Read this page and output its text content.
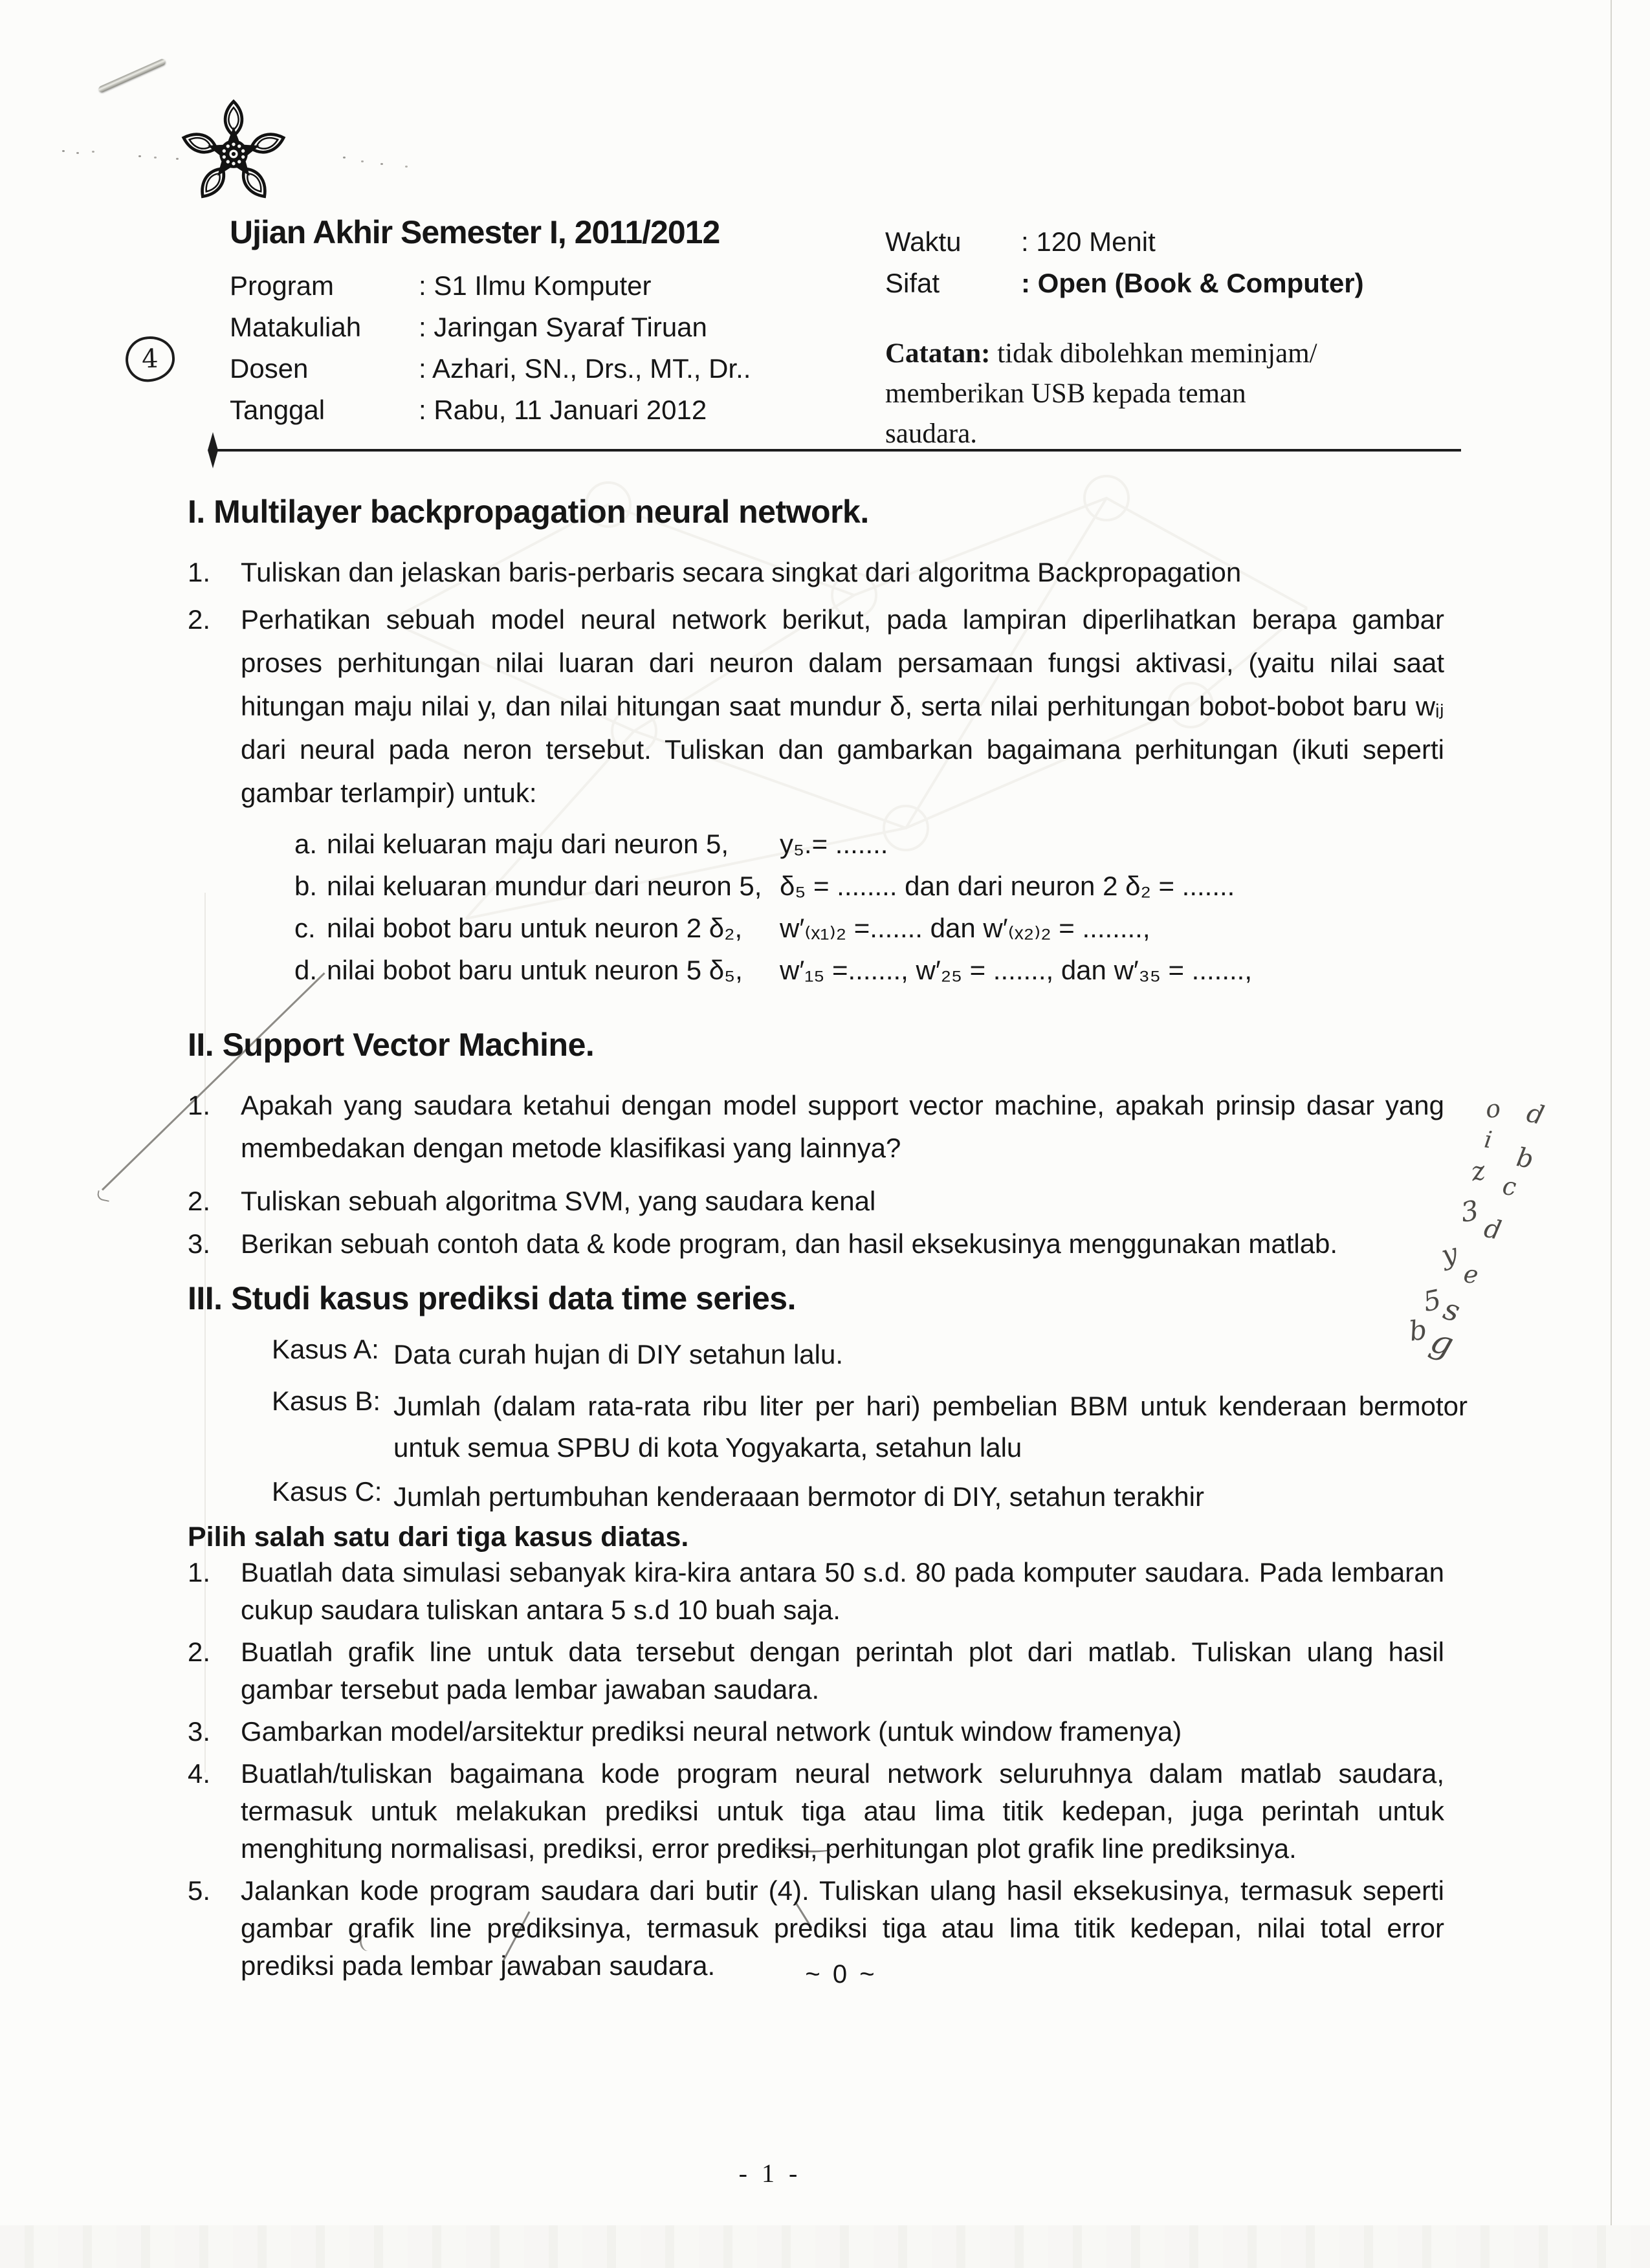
4
Ujian Akhir Semester I, 2011/2012
Program	: S1 Ilmu Komputer
Matakuliah	: Jaringan Syaraf Tiruan
Dosen	: Azhari, SN., Drs., MT., Dr..
Tanggal	: Rabu, 11 Januari 2012
Waktu	: 120 Menit
Sifat	: Open (Book & Computer)

Catatan: tidak dibolehkan meminjam/ memberikan USB kepada teman saudara.

I. Multilayer backpropagation neural network.
1.	Tuliskan dan jelaskan baris-perbaris secara singkat dari algoritma Backpropagation
2.	Perhatikan sebuah model neural network berikut, pada lampiran diperlihatkan berapa gambar proses perhitungan nilai luaran dari neuron dalam persamaan fungsi aktivasi, (yaitu nilai saat hitungan maju nilai y, dan nilai hitungan saat mundur δ, serta nilai perhitungan bobot-bobot baru wᵢⱼ dari neural pada neron tersebut. Tuliskan dan gambarkan bagaimana perhitungan (ikuti seperti gambar terlampir) untuk:
a. nilai keluaran maju dari neuron 5, y₅.= .......
b. nilai keluaran mundur dari neuron 5, δ₅ = ........ dan dari neuron 2 δ₂ = .......
c. nilai bobot baru untuk neuron 2 δ₂, w′₍ₓ₁₎₂ =....... dan w′₍ₓ₂₎₂ = ........,
d. nilai bobot baru untuk neuron 5 δ₅, w′₁₅ =......., w′₂₅ = ......., dan w′₃₅ = .......,
II. Support Vector Machine.
1.	Apakah yang saudara ketahui dengan model support vector machine, apakah prinsip dasar yang membedakan dengan metode klasifikasi yang lainnya?
2.	Tuliskan sebuah algoritma SVM, yang saudara kenal
3.	Berikan sebuah contoh data & kode program, dan hasil eksekusinya menggunakan matlab.
III. Studi kasus prediksi data time series.
Kasus A: Data curah hujan di DIY setahun lalu.
Kasus B: Jumlah (dalam rata-rata ribu liter per hari) pembelian BBM untuk kenderaan bermotor untuk semua SPBU di kota Yogyakarta, setahun lalu
Kasus C: Jumlah pertumbuhan kenderaaan bermotor di DIY, setahun terakhir
Pilih salah satu dari tiga kasus diatas.
1.	Buatlah data simulasi sebanyak kira-kira antara 50 s.d. 80 pada komputer saudara. Pada lembaran cukup saudara tuliskan antara 5 s.d 10 buah saja.
2.	Buatlah grafik line untuk data tersebut dengan perintah plot dari matlab. Tuliskan ulang hasil gambar tersebut pada lembar jawaban saudara.
3.	Gambarkan model/arsitektur prediksi neural network (untuk window framenya)
4.	Buatlah/tuliskan bagaimana kode program neural network seluruhnya dalam matlab saudara, termasuk untuk melakukan prediksi untuk tiga atau lima titik kedepan, juga perintah untuk menghitung normalisasi, prediksi, error prediksi, perhitungan plot grafik line prediksinya.
5.	Jalankan kode program saudara dari butir (4). Tuliskan ulang hasil eksekusinya, termasuk seperti gambar grafik line prediksinya, termasuk prediksi tiga atau lima titik kedepan, nilai total error prediksi pada lembar jawaban saudara.	~ 0 ~
- 1 -
o d
i
b
z c
3
d
y
e
5
s
b
g
